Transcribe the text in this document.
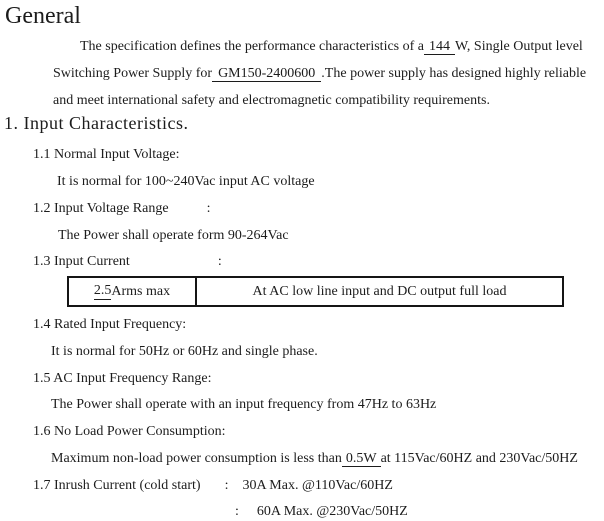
General
The specification defines the performance characteristics of a 144 W, Single Output level
Switching Power Supply for GM150-2400600 .The power supply has designed highly reliable
and meet international safety and electromagnetic compatibility requirements.
1. Input Characteristics.
1.1 Normal Input Voltage:
It is normal for 100~240Vac input AC voltage
1.2 Input Voltage Range	:
The Power shall operate form 90-264Vac
1.3 Input Current	:
2.5 Arms max	At AC low line input and DC output full load
1.4 Rated Input Frequency:
It is normal for 50Hz or 60Hz and single phase.
1.5 AC Input Frequency Range:
The Power shall operate with an input frequency from 47Hz to 63Hz
1.6 No Load Power Consumption:
Maximum non-load power consumption is less than 0.5W at 115Vac/60HZ and 230Vac/50HZ
1.7 Inrush Current (cold start) : 30A Max. @110Vac/60HZ
: 60A Max. @230Vac/50HZ
